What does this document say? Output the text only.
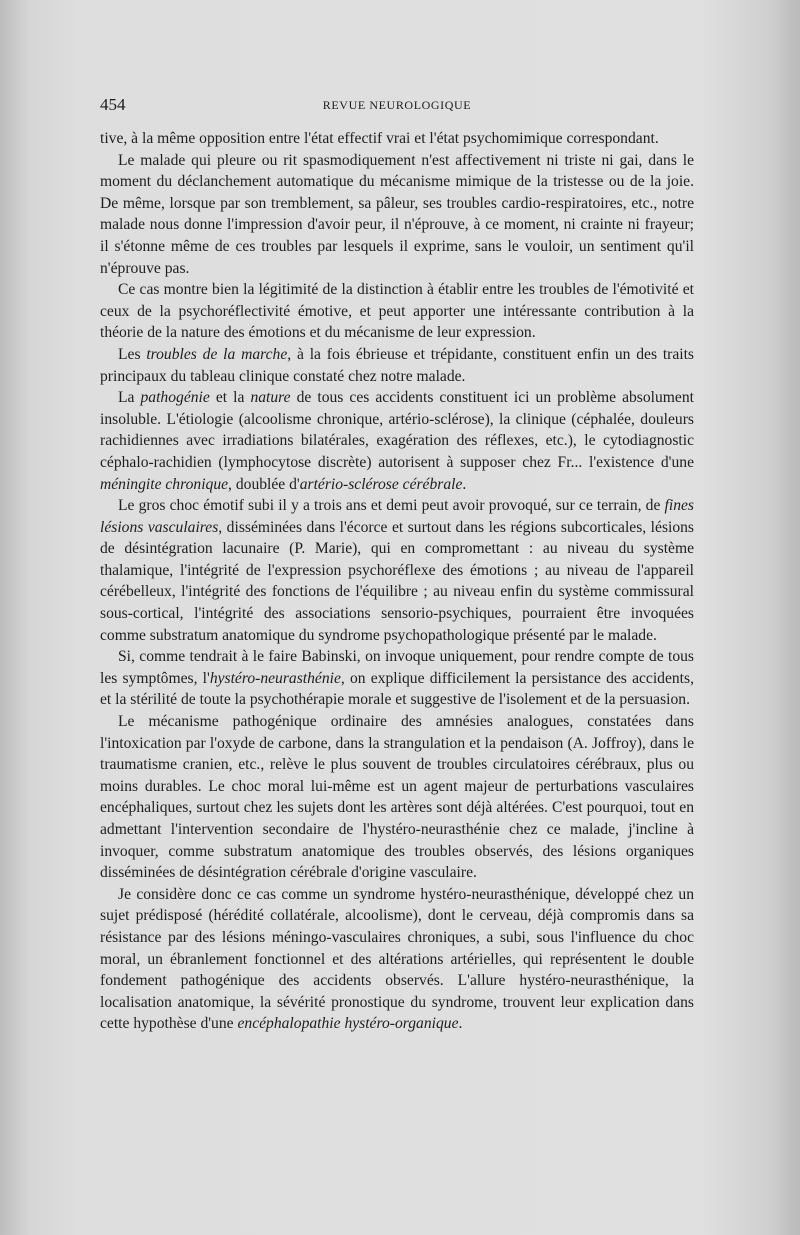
454	REVUE NEUROLOGIQUE

tive, à la même opposition entre l'état effectif vrai et l'état psychomimique correspondant.

Le malade qui pleure ou rit spasmodiquement n'est affectivement ni triste ni gai, dans le moment du déclanchement automatique du mécanisme mimique de la tristesse ou de la joie. De même, lorsque par son tremblement, sa pâleur, ses troubles cardio-respiratoires, etc., notre malade nous donne l'impression d'avoir peur, il n'éprouve, à ce moment, ni crainte ni frayeur; il s'étonne même de ces troubles par lesquels il exprime, sans le vouloir, un sentiment qu'il n'éprouve pas.

Ce cas montre bien la légitimité de la distinction à établir entre les troubles de l'émotivité et ceux de la psychoréflectivité émotive, et peut apporter une intéressante contribution à la théorie de la nature des émotions et du mécanisme de leur expression.

Les troubles de la marche, à la fois ébrieuse et trépidante, constituent enfin un des traits principaux du tableau clinique constaté chez notre malade.

La pathogénie et la nature de tous ces accidents constituent ici un problème absolument insoluble. L'étiologie (alcoolisme chronique, artério-sclérose), la clinique (céphalée, douleurs rachidiennes avec irradiations bilatérales, exagération des réflexes, etc.), le cytodiagnostic céphalo-rachidien (lymphocytose discrète) autorisent à supposer chez Fr... l'existence d'une méningite chronique, doublée d'artério-sclérose cérébrale.

Le gros choc émotif subi il y a trois ans et demi peut avoir provoqué, sur ce terrain, de fines lésions vasculaires, disséminées dans l'écorce et surtout dans les régions subcorticales, lésions de désintégration lacunaire (P. Marie), qui en compromettant : au niveau du système thalamique, l'intégrité de l'expression psychoréflexe des émotions ; au niveau de l'appareil cérébelleux, l'intégrité des fonctions de l'équilibre ; au niveau enfin du système commissural sous-cortical, l'intégrité des associations sensorio-psychiques, pourraient être invoquées comme substratum anatomique du syndrome psychopathologique présenté par le malade.

Si, comme tendrait à le faire Babinski, on invoque uniquement, pour rendre compte de tous les symptômes, l'hystéro-neurasthénie, on explique difficilement la persistance des accidents, et la stérilité de toute la psychothérapie morale et suggestive de l'isolement et de la persuasion.

Le mécanisme pathogénique ordinaire des amnésies analogues, constatées dans l'intoxication par l'oxyde de carbone, dans la strangulation et la pendaison (A. Joffroy), dans le traumatisme cranien, etc., relève le plus souvent de troubles circulatoires cérébraux, plus ou moins durables. Le choc moral lui-même est un agent majeur de perturbations vasculaires encéphaliques, surtout chez les sujets dont les artères sont déjà altérées. C'est pourquoi, tout en admettant l'intervention secondaire de l'hystéro-neurasthénie chez ce malade, j'incline à invoquer, comme substratum anatomique des troubles observés, des lésions organiques disséminées de désintégration cérébrale d'origine vasculaire.

Je considère donc ce cas comme un syndrome hystéro-neurasthénique, développé chez un sujet prédisposé (hérédité collatérale, alcoolisme), dont le cerveau, déjà compromis dans sa résistance par des lésions méningo-vasculaires chroniques, a subi, sous l'influence du choc moral, un ébranlement fonctionnel et des altérations artérielles, qui représentent le double fondement pathogénique des accidents observés. L'allure hystéro-neurasthénique, la localisation anatomique, la sévérité pronostique du syndrome, trouvent leur explication dans cette hypothèse d'une encéphalopathie hystéro-organique.
